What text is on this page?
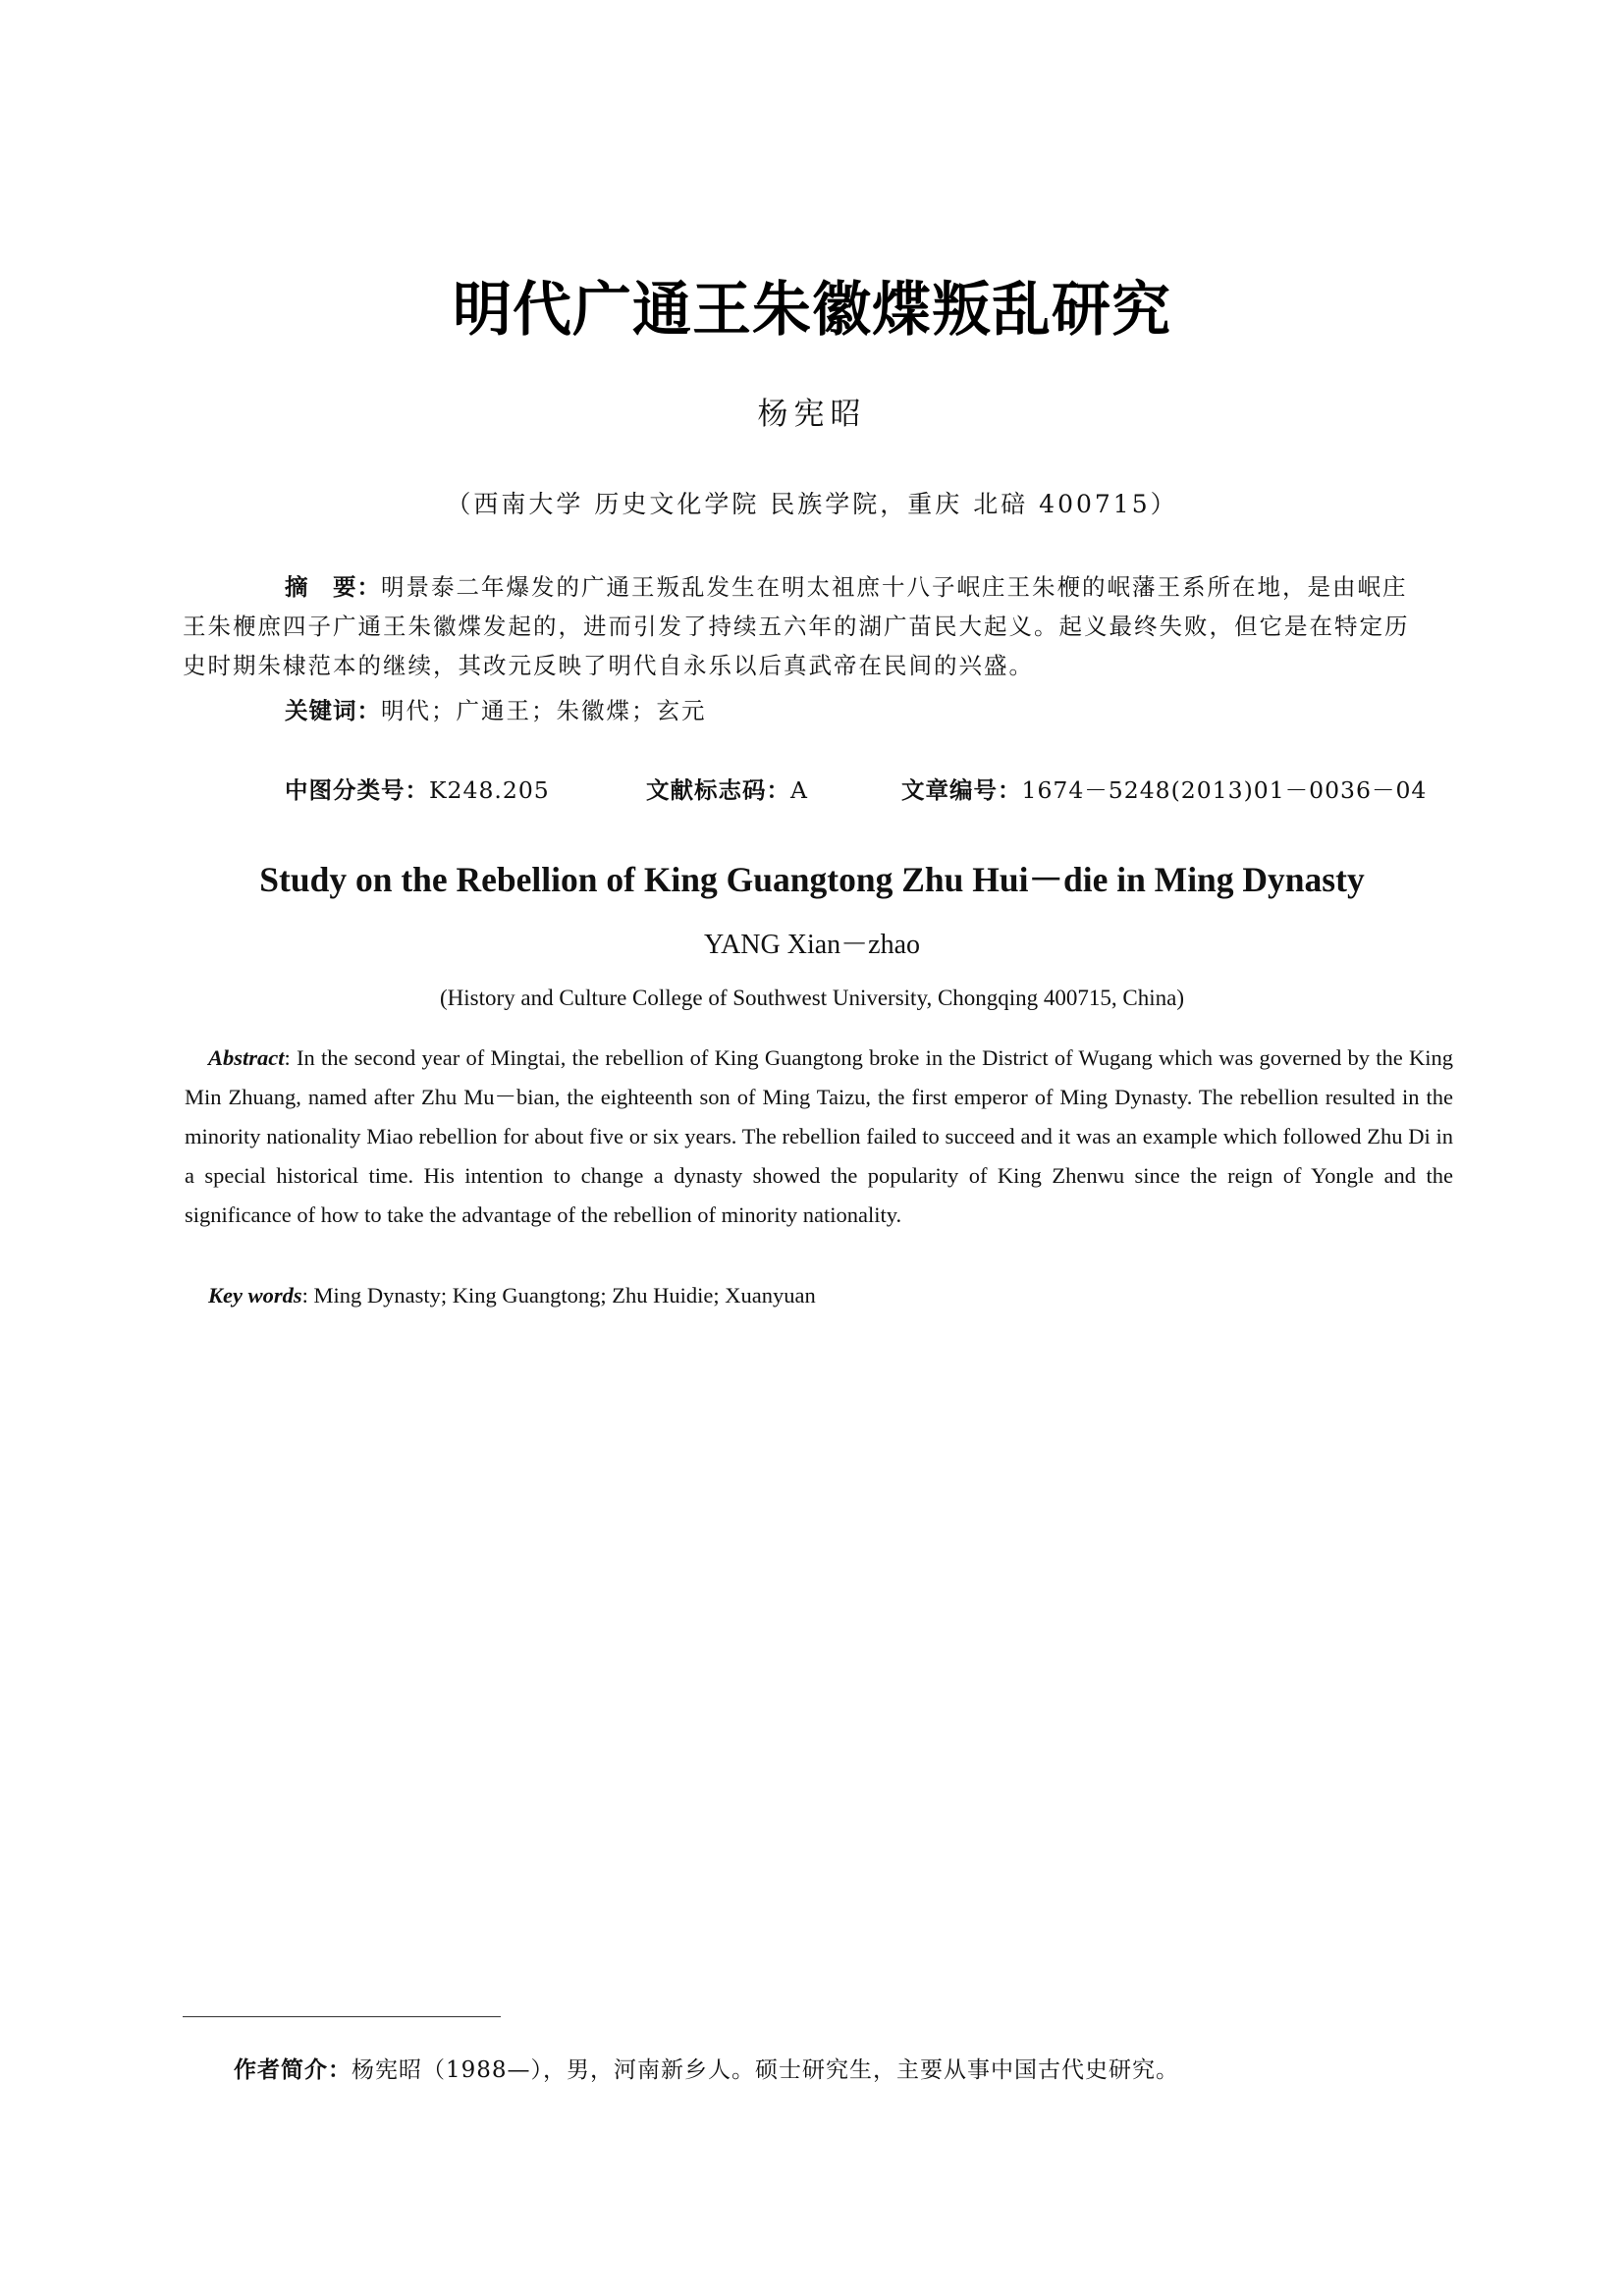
明代广通王朱徽煠叛乱研究
杨宪昭
（西南大学 历史文化学院 民族学院，重庆 北碚 400715）
摘　要：明景泰二年爆发的广通王叛乱发生在明太祖庶十八子岷庄王朱楩的岷藩王系所在地，是由岷庄王朱楩庶四子广通王朱徽煠发起的，进而引发了持续五六年的湖广苗民大起义。起义最终失败，但它是在特定历史时期朱棣范本的继续，其改元反映了明代自永乐以后真武帝在民间的兴盛。
关键词：明代；广通王；朱徽煠；玄元
中图分类号：K248.205	文献标志码：A	文章编号：1674－5248(2013)01－0036－04
Study on the Rebellion of King Guangtong Zhu Hui－die in Ming Dynasty
YANG Xian－zhao
(History and Culture College of Southwest University, Chongqing 400715, China)
Abstract: In the second year of Mingtai, the rebellion of King Guangtong broke in the District of Wugang which was governed by the King Min Zhuang, named after Zhu Mu－bian, the eighteenth son of Ming Taizu, the first emperor of Ming Dynasty. The rebellion resulted in the minority nationality Miao rebellion for about five or six years. The rebellion failed to succeed and it was an example which followed Zhu Di in a special historical time. His intention to change a dynasty showed the popularity of King Zhenwu since the reign of Yongle and the significance of how to take the advantage of the rebellion of minority nationality.
Key words: Ming Dynasty; King Guangtong; Zhu Huidie; Xuanyuan
作者简介：杨宪昭（1988—），男，河南新乡人。硕士研究生，主要从事中国古代史研究。
